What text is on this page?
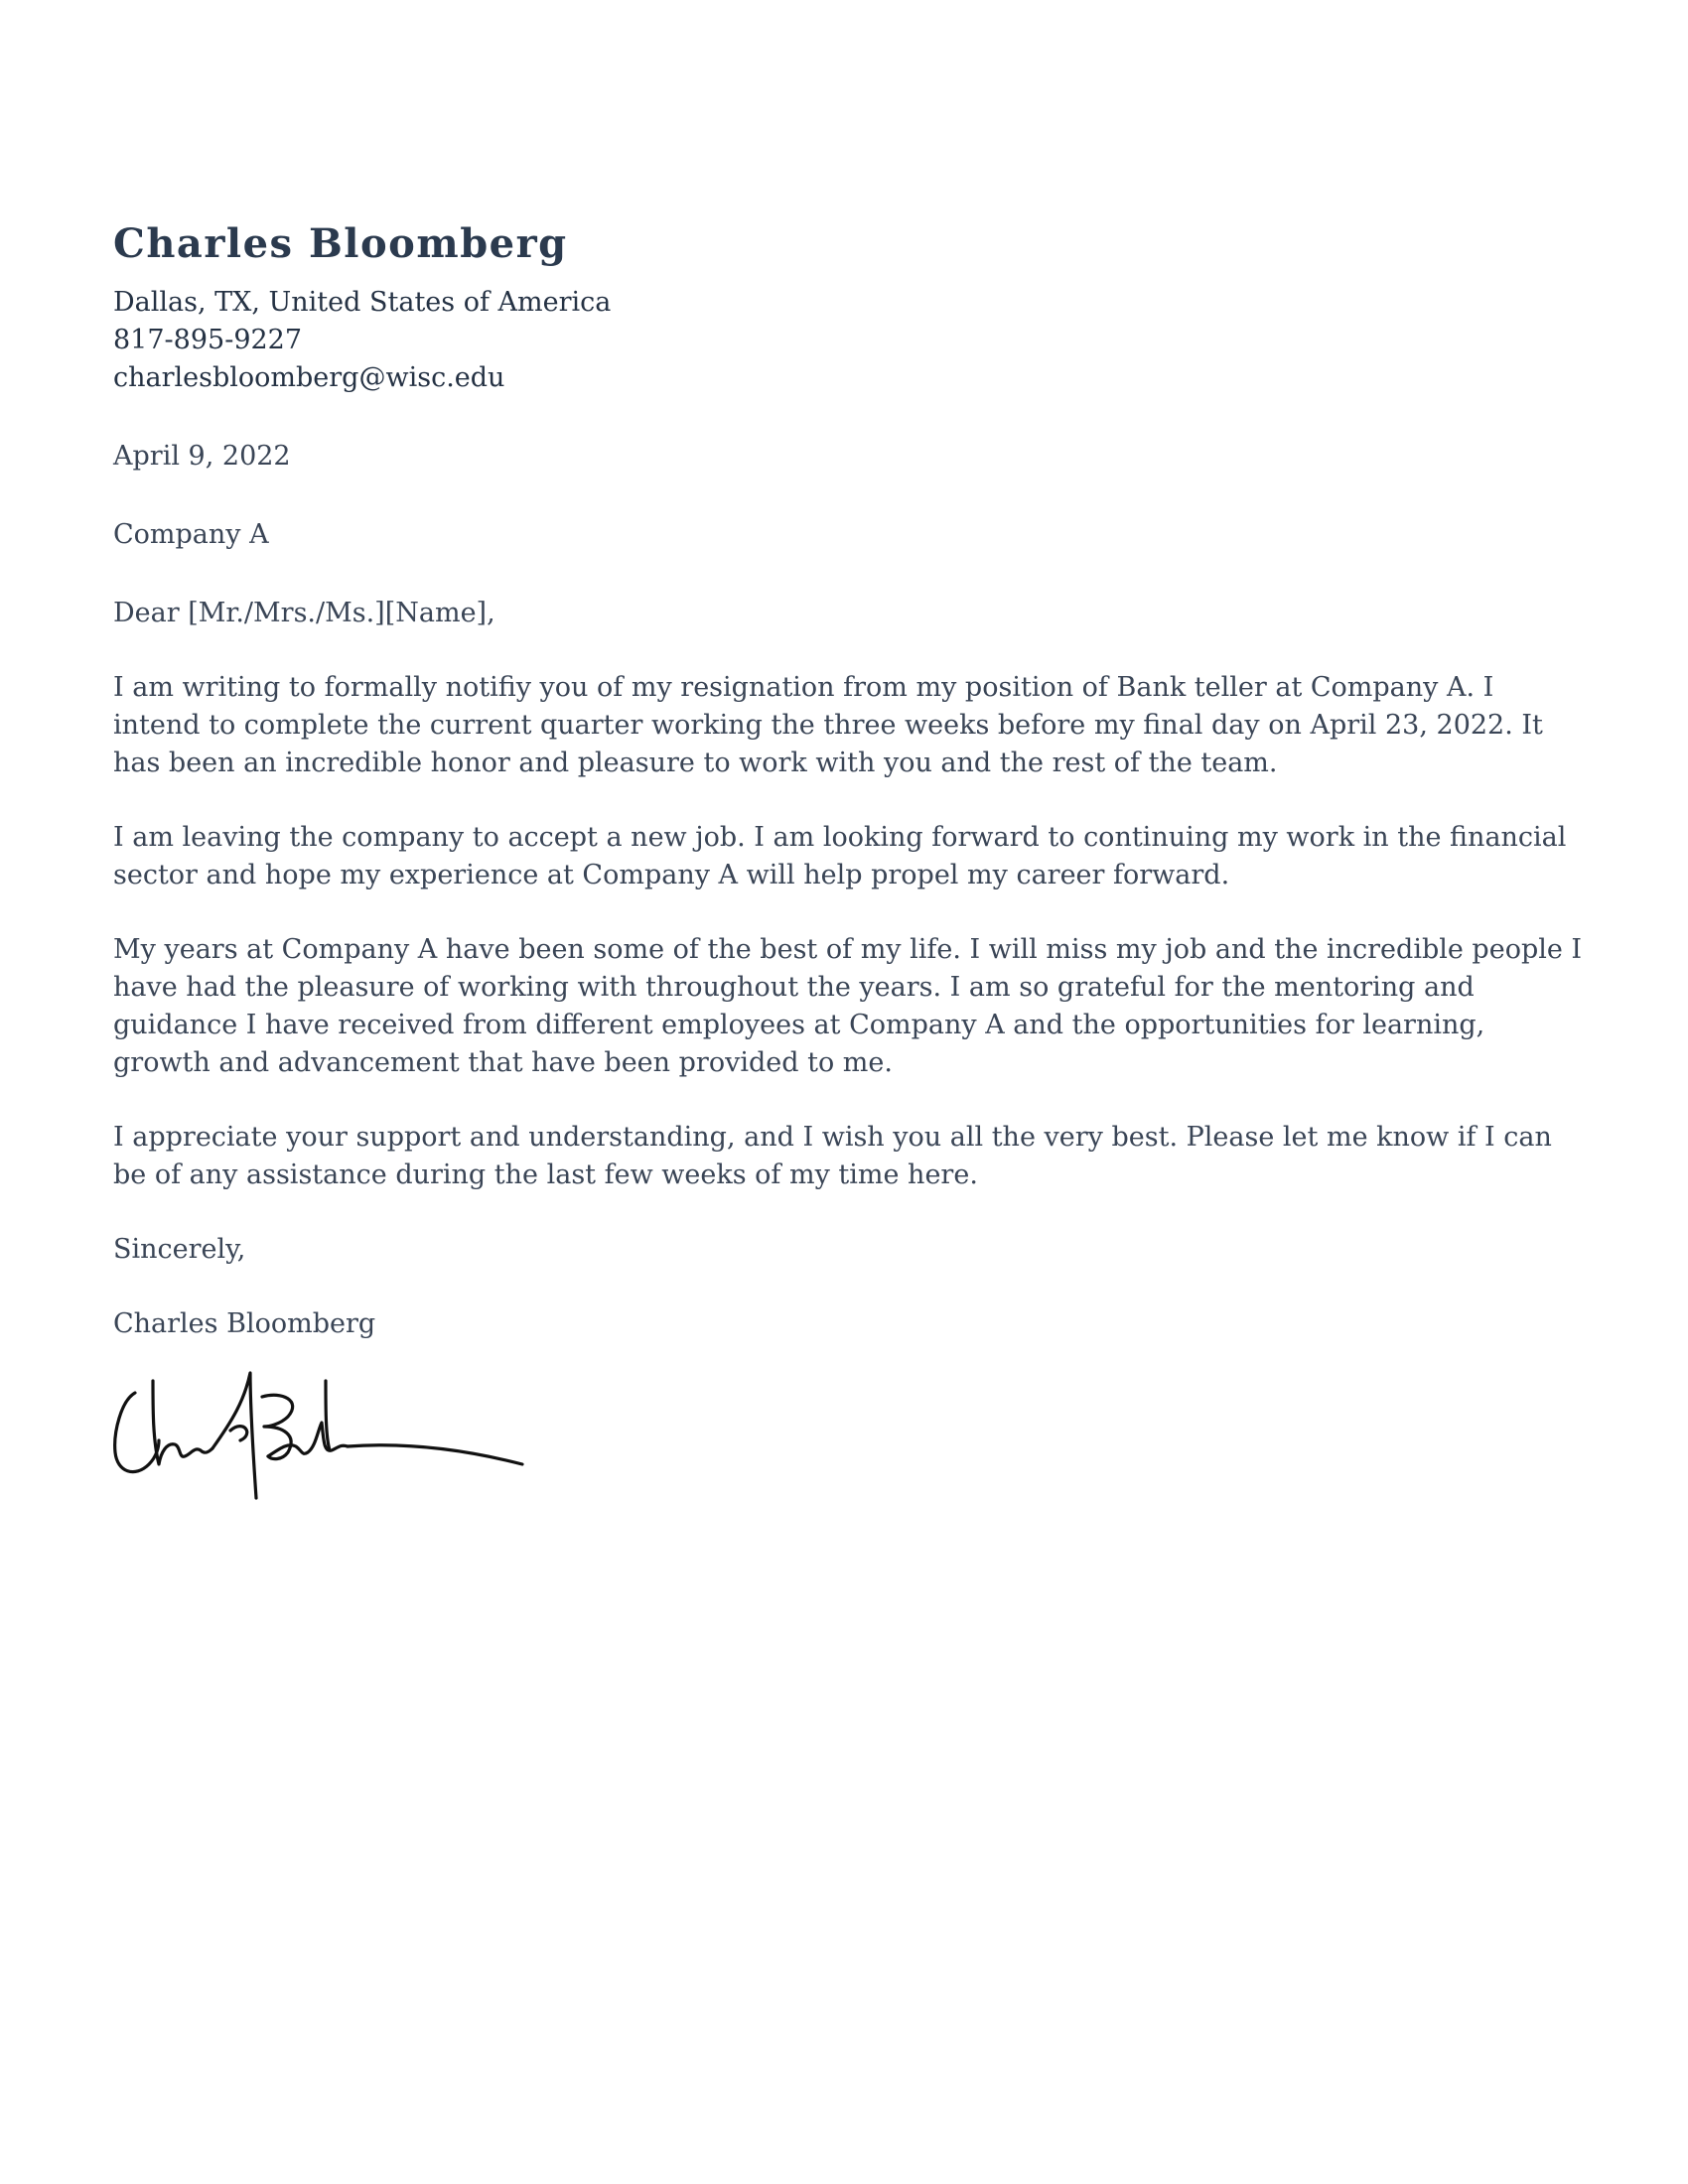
Charles Bloomberg
Dallas, TX, United States of America
817-895-9227
charlesbloomberg@wisc.edu
April 9, 2022
Company A
Dear [Mr./Mrs./Ms.][Name],
I am writing to formally notifiy you of my resignation from my position of Bank teller at Company A. I intend to complete the current quarter working the three weeks before my final day on April 23, 2022. It has been an incredible honor and pleasure to work with you and the rest of the team.
I am leaving the company to accept a new job. I am looking forward to continuing my work in the financial sector and hope my experience at Company A will help propel my career forward.
My years at Company A have been some of the best of my life. I will miss my job and the incredible people I have had the pleasure of working with throughout the years. I am so grateful for the mentoring and guidance I have received from different employees at Company A and the opportunities for learning, growth and advancement that have been provided to me.
I appreciate your support and understanding, and I wish you all the very best. Please let me know if I can be of any assistance during the last few weeks of my time here.
Sincerely,
Charles Bloomberg
